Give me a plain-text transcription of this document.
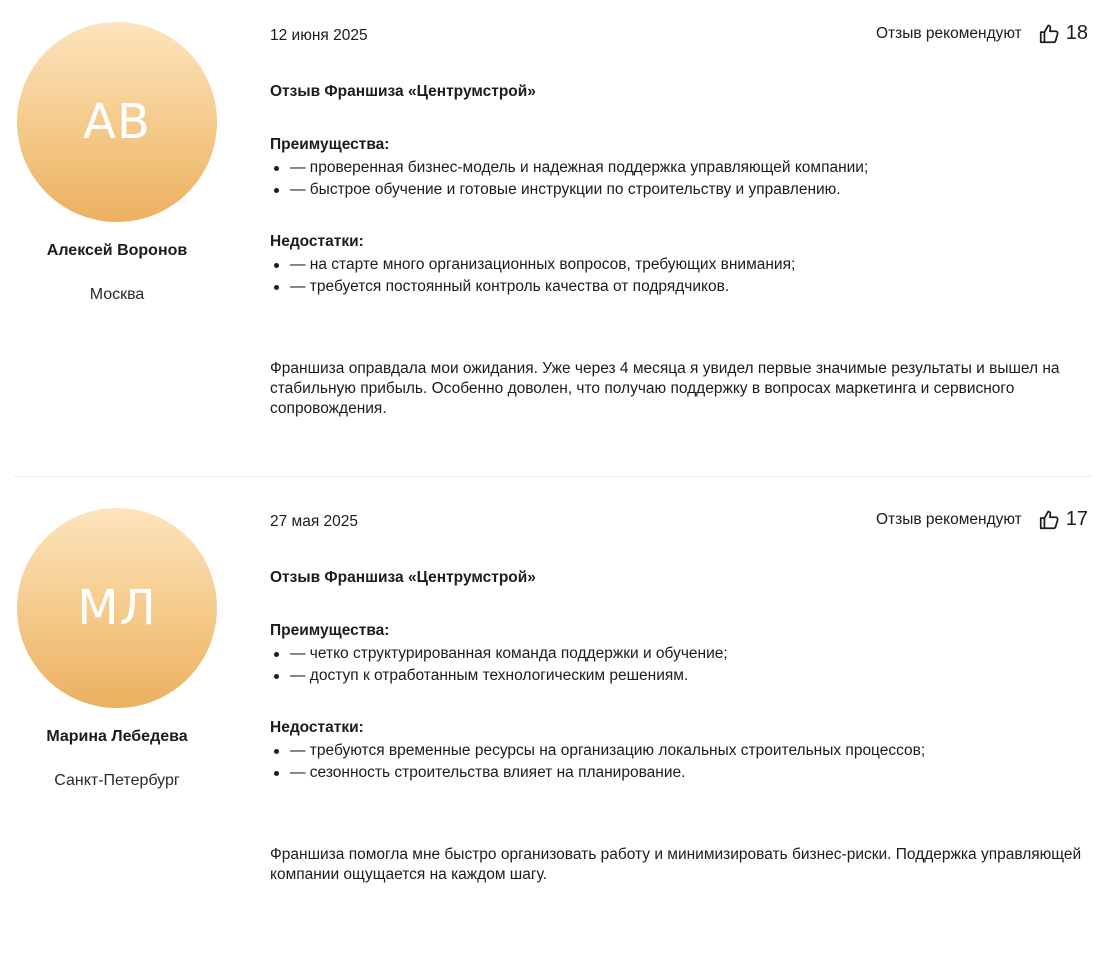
АВ
Алексей Воронов
Москва
12 июня 2025	Отзыв рекомендуют 18
Отзыв Франшиза «Центрумстрой»
Преимущества:
— проверенная бизнес-модель и надежная поддержка управляющей компании;
— быстрое обучение и готовые инструкции по строительству и управлению.
Недостатки:
— на старте много организационных вопросов, требующих внимания;
— требуется постоянный контроль качества от подрядчиков.
Франшиза оправдала мои ожидания. Уже через 4 месяца я увидел первые значимые результаты и вышел на стабильную прибыль. Особенно доволен, что получаю поддержку в вопросах маркетинга и сервисного сопровождения.
МЛ
Марина Лебедева
Санкт-Петербург
27 мая 2025	Отзыв рекомендуют 17
Отзыв Франшиза «Центрумстрой»
Преимущества:
— четко структурированная команда поддержки и обучение;
— доступ к отработанным технологическим решениям.
Недостатки:
— требуются временные ресурсы на организацию локальных строительных процессов;
— сезонность строительства влияет на планирование.
Франшиза помогла мне быстро организовать работу и минимизировать бизнес-риски. Поддержка управляющей компании ощущается на каждом шагу.
